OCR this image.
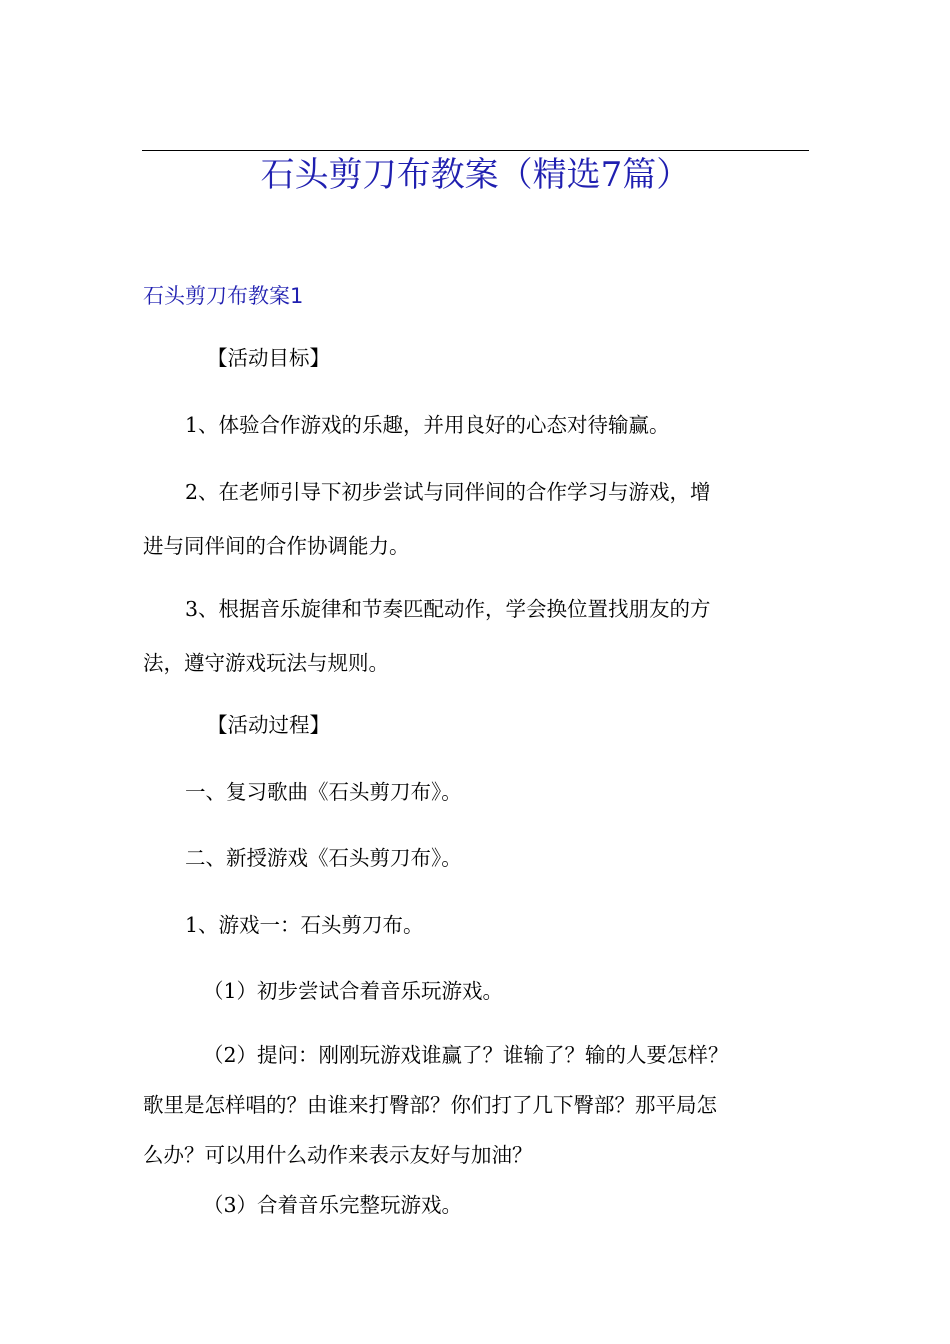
石头剪刀布教案（精选7篇）
石头剪刀布教案1
【活动目标】
1、体验合作游戏的乐趣，并用良好的心态对待输赢。
2、在老师引导下初步尝试与同伴间的合作学习与游戏，增
进与同伴间的合作协调能力。
3、根据音乐旋律和节奏匹配动作，学会换位置找朋友的方
法，遵守游戏玩法与规则。
【活动过程】
一、复习歌曲《石头剪刀布》。
二、新授游戏《石头剪刀布》。
1、游戏一：石头剪刀布。
（1）初步尝试合着音乐玩游戏。
（2）提问：刚刚玩游戏谁赢了？谁输了？输的人要怎样？
歌里是怎样唱的？由谁来打臀部？你们打了几下臀部？那平局怎
么办？可以用什么动作来表示友好与加油？
（3）合着音乐完整玩游戏。
